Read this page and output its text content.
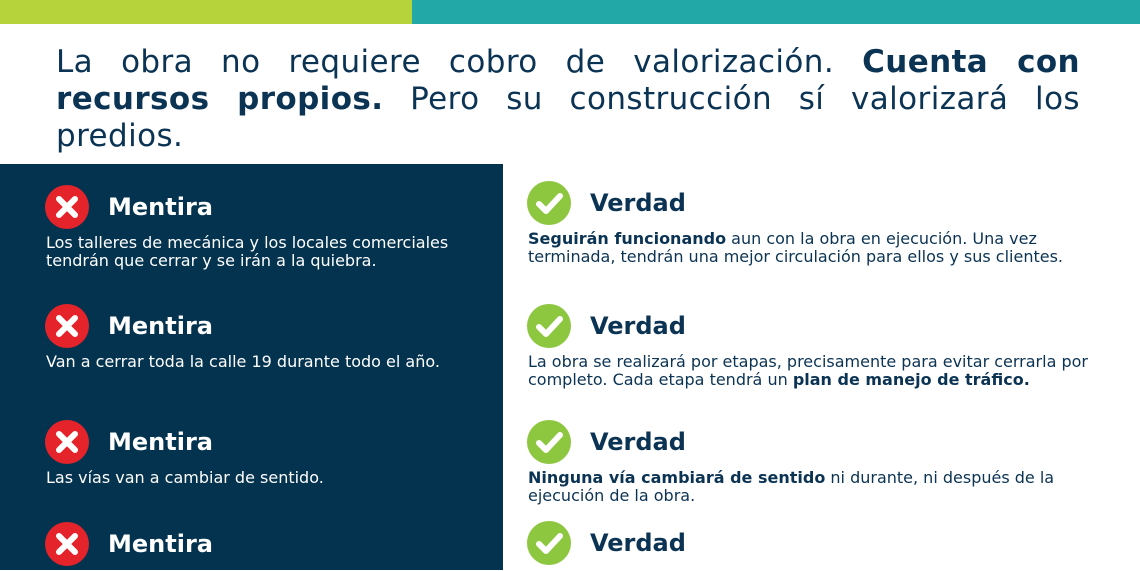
La obra no requiere cobro de valorización. Cuenta con recursos propios. Pero su construcción sí valorizará los predios.

Mentira
Los talleres de mecánica y los locales comerciales tendrán que cerrar y se irán a la quiebra.
Mentira
Van a cerrar toda la calle 19 durante todo el año.
Mentira
Las vías van a cambiar de sentido.
Mentira
Verdad
Seguirán funcionando aun con la obra en ejecución. Una vez terminada, tendrán una mejor circulación para ellos y sus clientes.
Verdad
La obra se realizará por etapas, precisamente para evitar cerrarla por completo. Cada etapa tendrá un plan de manejo de tráfico.
Verdad
Ninguna vía cambiará de sentido ni durante, ni después de la ejecución de la obra.
Verdad
